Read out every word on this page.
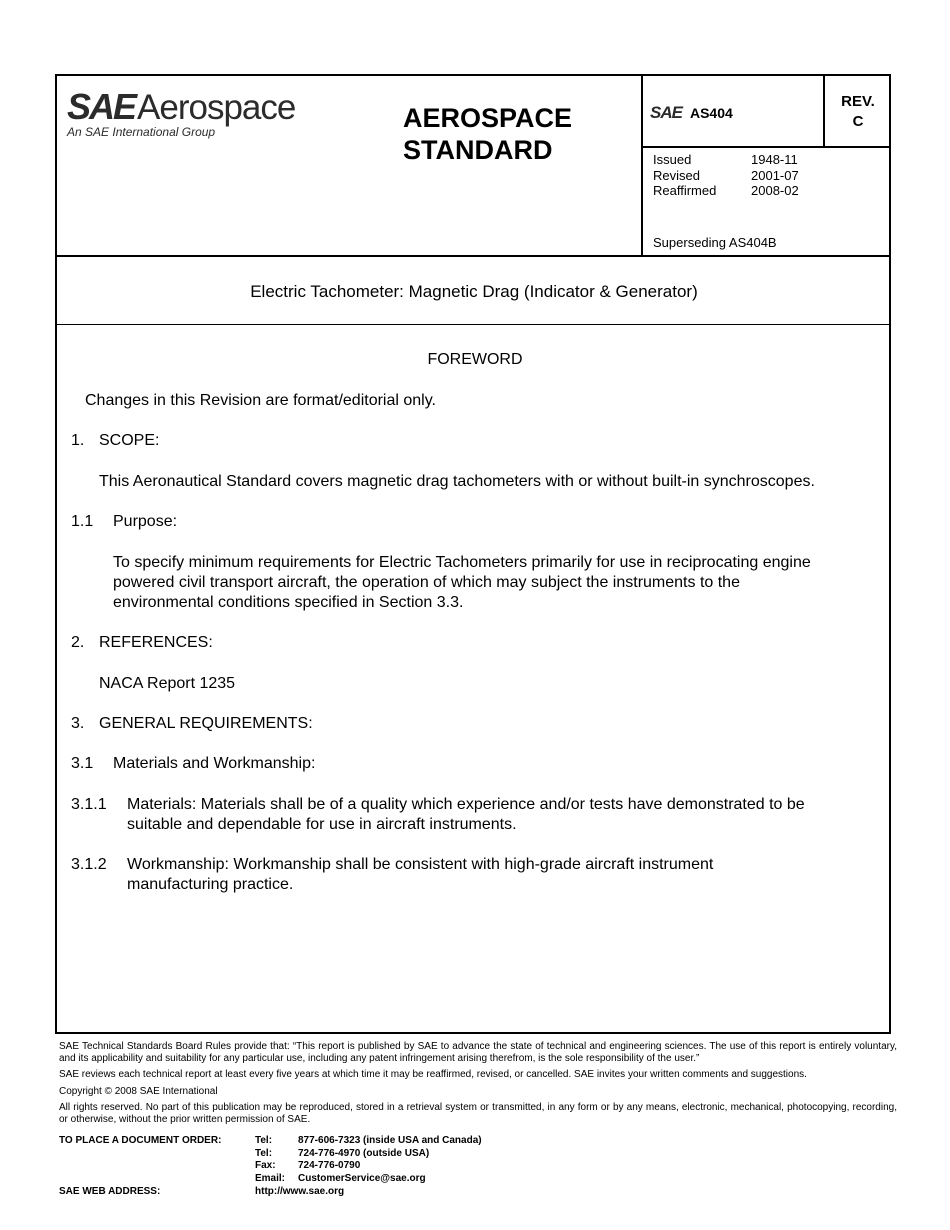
SAEAerospace
An SAE International Group	AEROSPACE
STANDARD
SAE AS404
REV.
C
Issued	1948-11
Revised	2001-07
Reaffirmed	2008-02
Superseding AS404B
Electric Tachometer: Magnetic Drag (Indicator & Generator)
FOREWORD
Changes in this Revision are format/editorial only.
1. SCOPE:
This Aeronautical Standard covers magnetic drag tachometers with or without built-in synchroscopes.
1.1 Purpose:
To specify minimum requirements for Electric Tachometers primarily for use in reciprocating engine
powered civil transport aircraft, the operation of which may subject the instruments to the
environmental conditions specified in Section 3.3.
2. REFERENCES:
NACA Report 1235
3. GENERAL REQUIREMENTS:
3.1 Materials and Workmanship:
3.1.1 Materials: Materials shall be of a quality which experience and/or tests have demonstrated to be
suitable and dependable for use in aircraft instruments.
3.1.2 Workmanship: Workmanship shall be consistent with high-grade aircraft instrument
manufacturing practice.

SAE Technical Standards Board Rules provide that: “This report is published by SAE to advance the state of technical and engineering sciences. The use of this report is entirely voluntary, and its applicability and suitability for any particular use, including any patent infringement arising therefrom, is the sole responsibility of the user.”

SAE reviews each technical report at least every five years at which time it may be reaffirmed, revised, or cancelled. SAE invites your written comments and suggestions.

Copyright © 2008 SAE International

All rights reserved. No part of this publication may be reproduced, stored in a retrieval system or transmitted, in any form or by any means, electronic, mechanical, photocopying, recording, or otherwise, without the prior written permission of SAE.

TO PLACE A DOCUMENT ORDER:	Tel:	877-606-7323 (inside USA and Canada)
Tel:	724-776-4970 (outside USA)
Fax:	724-776-0790
Email:	CustomerService@sae.org
SAE WEB ADDRESS:	http://www.sae.org
